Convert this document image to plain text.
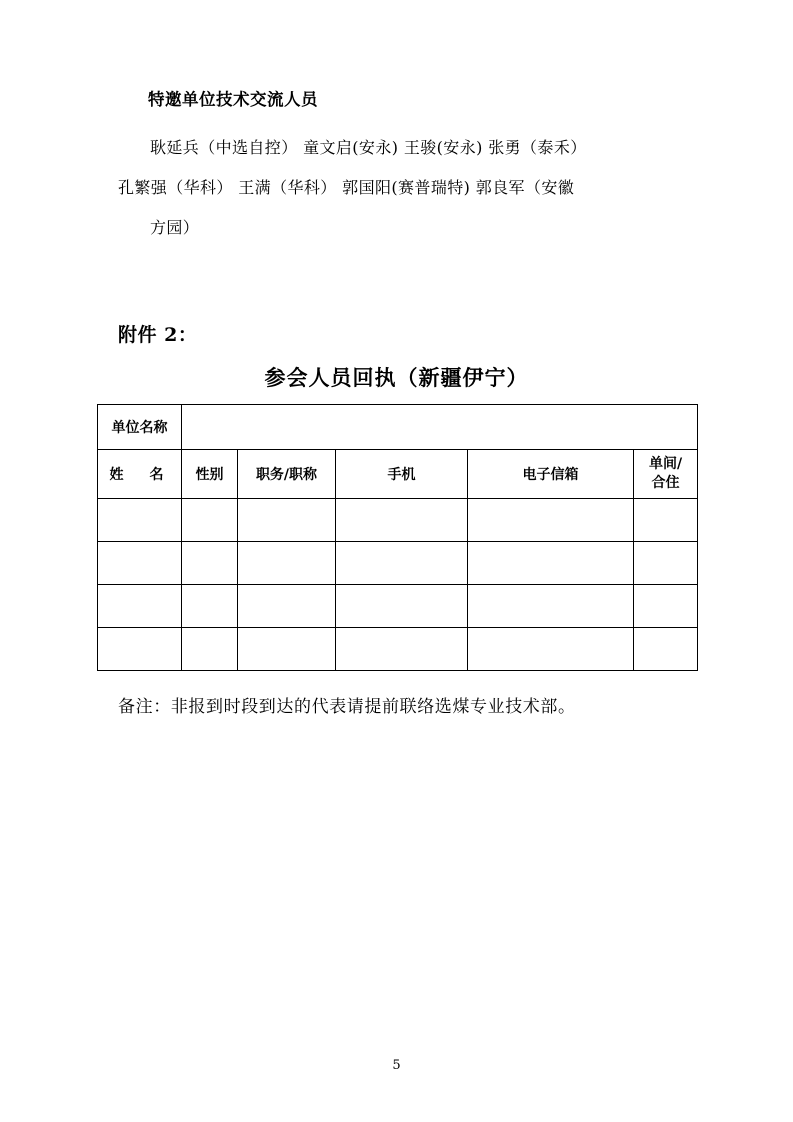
特邀单位技术交流人员
耿延兵（中选自控） 童文启(安永) 王骏(安永) 张勇（泰禾）
孔繁强（华科） 王满（华科） 郭国阳(赛普瑞特) 郭良军（安徽
方园）
附件 2：
参会人员回执（新疆伊宁）
单位名称					
姓　名	性别	职务/职称	手机	电子信箱	单间/
合住

备注：非报到时段到达的代表请提前联络选煤专业技术部。
5
